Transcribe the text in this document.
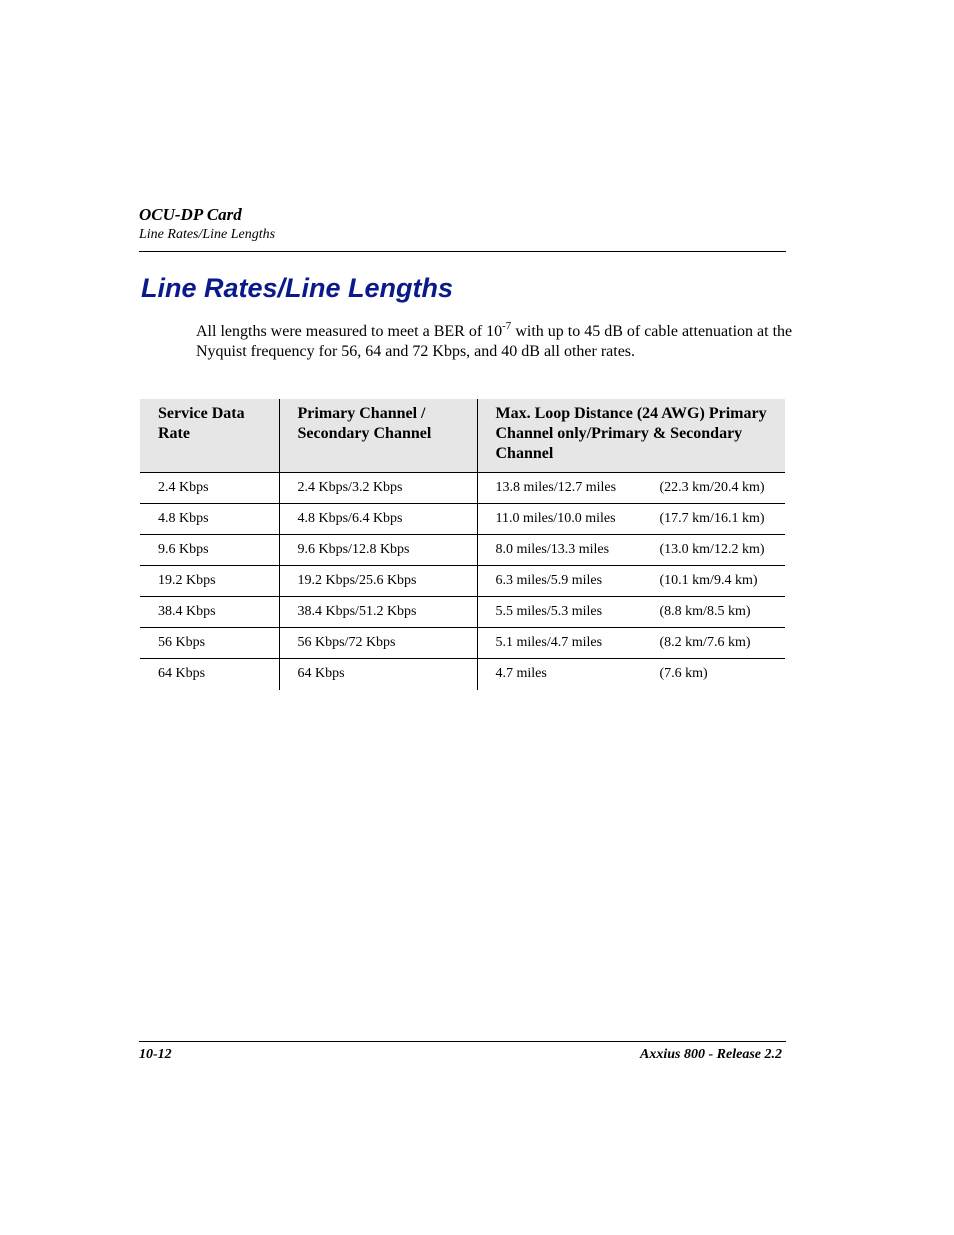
OCU-DP Card
Line Rates/Line Lengths
Line Rates/Line Lengths
All lengths were measured to meet a BER of $10^{-7}$ with up to 45 dB of cable attenuation at the Nyquist frequency for 56, 64 and 72 Kbps, and 40 dB all other rates.
Service Data Rate	Primary Channel / Secondary Channel	Max. Loop Distance (24 AWG) Primary Channel only/Primary & Secondary Channel
2.4 Kbps	2.4 Kbps/3.2 Kbps	13.8 miles/12.7 miles (22.3 km/20.4 km)

4.8 Kbps	4.8 Kbps/6.4 Kbps	11.0 miles/10.0 miles (17.7 km/16.1 km)

9.6 Kbps	9.6 Kbps/12.8 Kbps	8.0 miles/13.3 miles (13.0 km/12.2 km)

19.2 Kbps	19.2 Kbps/25.6 Kbps	6.3 miles/5.9 miles (10.1 km/9.4 km)

38.4 Kbps	38.4 Kbps/51.2 Kbps	5.5 miles/5.3 miles (8.8 km/8.5 km)

56 Kbps	56 Kbps/72 Kbps	5.1 miles/4.7 miles (8.2 km/7.6 km)

64 Kbps	64 Kbps	4.7 miles (7.6 km)
10-12	Axxius 800 - Release 2.2
